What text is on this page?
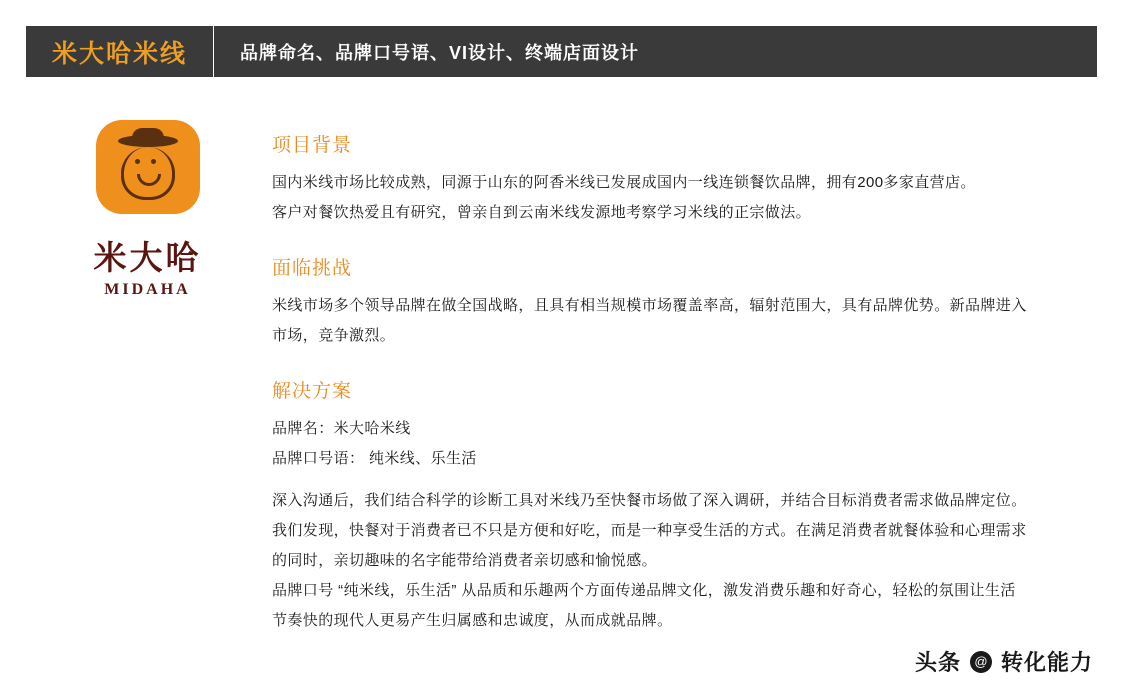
米大哈米线	品牌命名、品牌口号语、VI设计、终端店面设计
米大哈
MIDAHA
项目背景

国内米线市场比较成熟，同源于山东的阿香米线已发展成国内一线连锁餐饮品牌，拥有200多家直营店。

客户对餐饮热爱且有研究，曾亲自到云南米线发源地考察学习米线的正宗做法。

面临挑战

米线市场多个领导品牌在做全国战略，且具有相当规模市场覆盖率高，辐射范围大，具有品牌优势。新品牌进入

市场，竞争激烈。

解决方案

品牌名：米大哈米线

品牌口号语： 纯米线、乐生活

深入沟通后，我们结合科学的诊断工具对米线乃至快餐市场做了深入调研，并结合目标消费者需求做品牌定位。

我们发现，快餐对于消费者已不只是方便和好吃，而是一种享受生活的方式。在满足消费者就餐体验和心理需求

的同时，亲切趣味的名字能带给消费者亲切感和愉悦感。

品牌口号 “纯米线，乐生活” 从品质和乐趣两个方面传递品牌文化，激发消费乐趣和好奇心，轻松的氛围让生活

节奏快的现代人更易产生归属感和忠诚度，从而成就品牌。

头条	@ 转化能力
